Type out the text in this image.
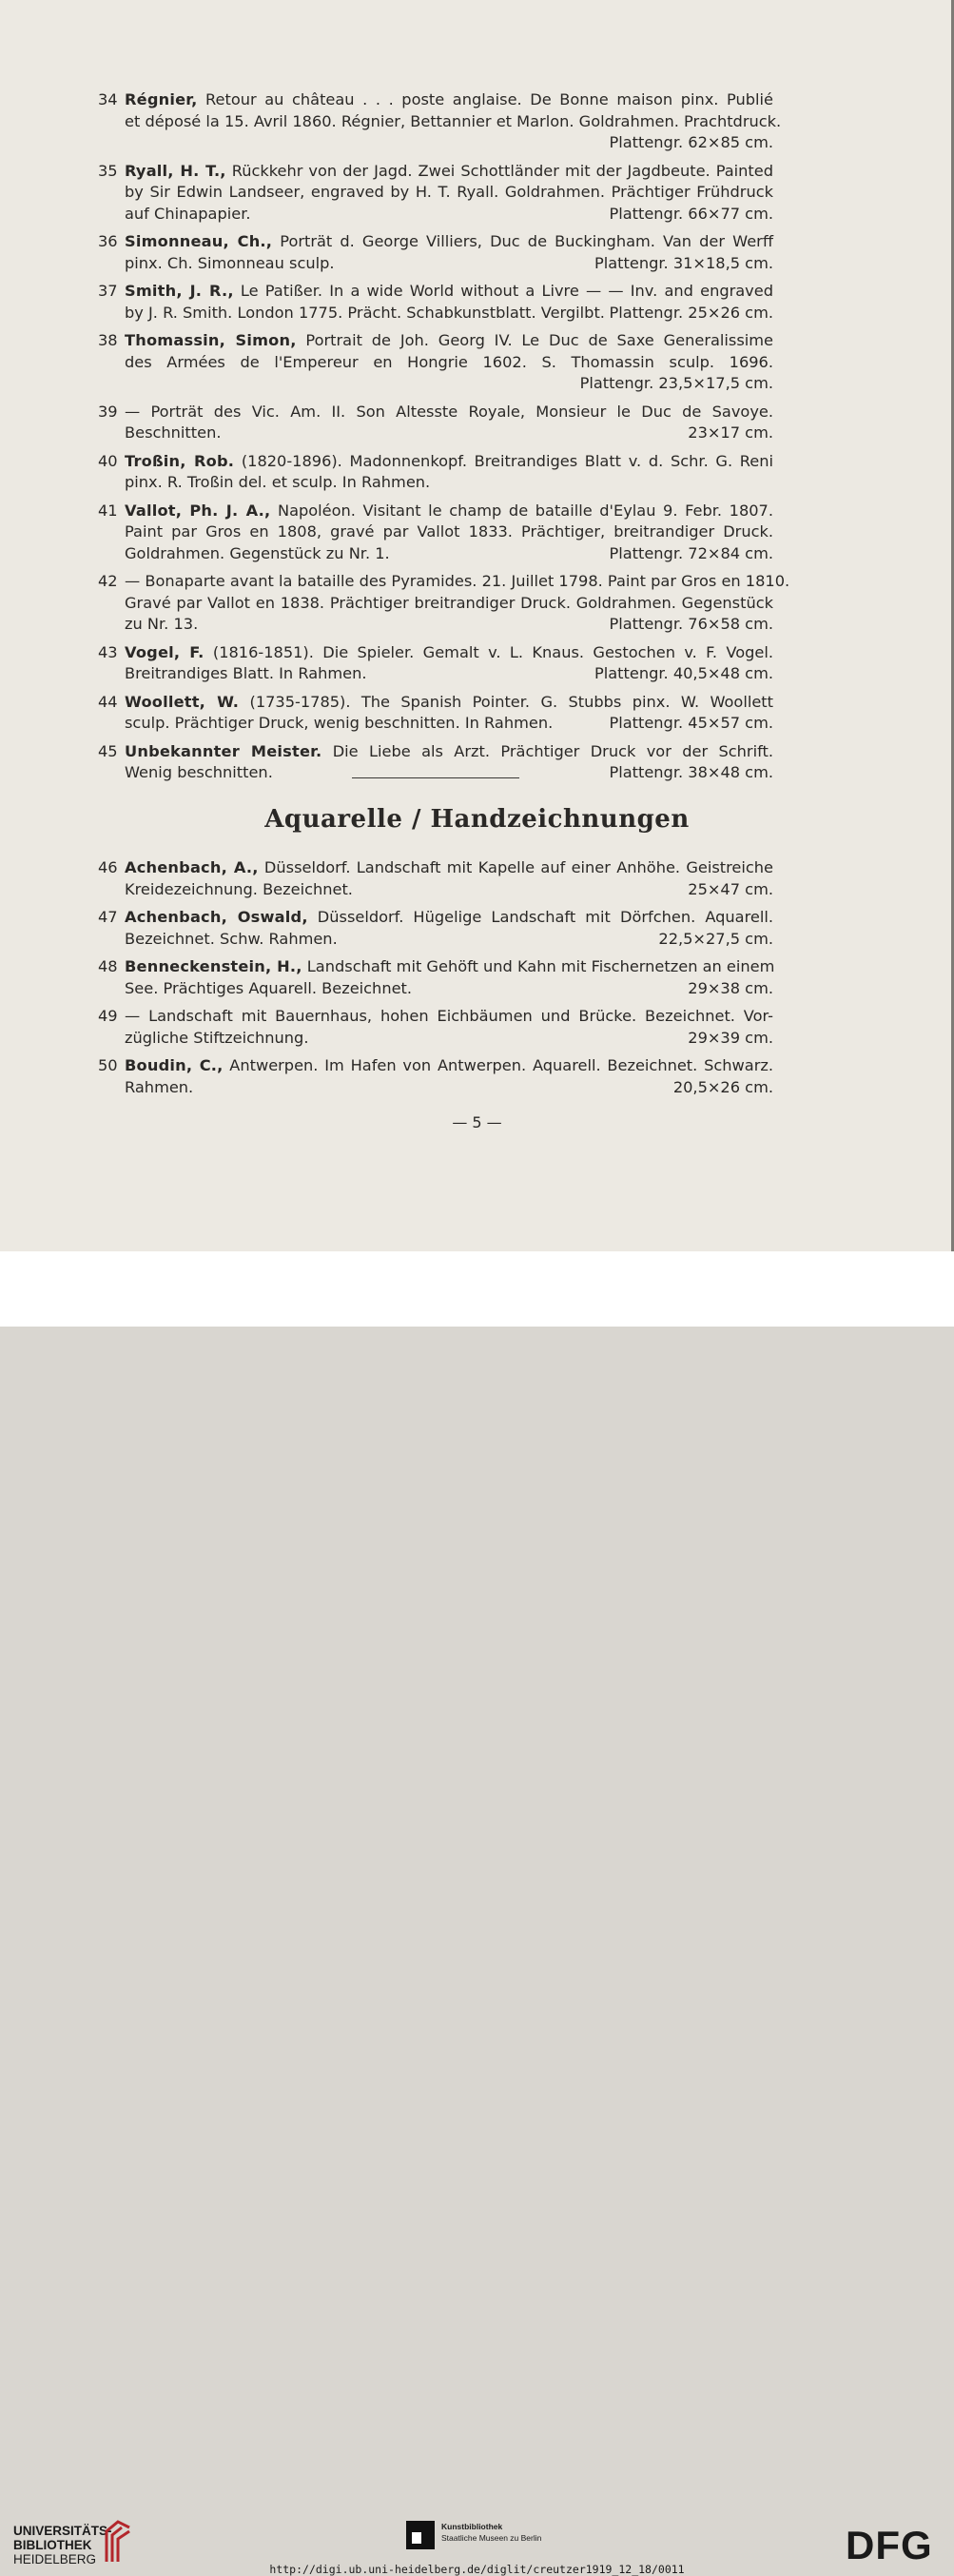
34 Régnier, Retour au château . . . poste anglaise. De Bonne maison pinx. Publié
et déposé la 15. Avril 1860. Régnier, Bettannier et Marlon. Goldrahmen. Prachtdruck.
Plattengr. 62×85 cm.
35 Ryall, H. T., Rückkehr von der Jagd. Zwei Schottländer mit der Jagdbeute. Painted
by Sir Edwin Landseer, engraved by H. T. Ryall. Goldrahmen. Prächtiger Frühdruck
auf Chinapapier.	Plattengr. 66×77 cm.
36 Simonneau, Ch., Porträt d. George Villiers, Duc de Buckingham. Van der Werff
pinx. Ch. Simonneau sculp.	Plattengr. 31×18,5 cm.
37 Smith, J. R., Le Patißer. In a wide World without a Livre — — Inv. and engraved
by J. R. Smith. London 1775. Prächt. Schabkunstblatt. Vergilbt. Plattengr. 25×26 cm.
38 Thomassin, Simon, Portrait de Joh. Georg IV. Le Duc de Saxe Generalissime
des Armées de l'Empereur en Hongrie 1602. S. Thomassin sculp. 1696.
Plattengr. 23,5×17,5 cm.
39 — Porträt des Vic. Am. II. Son Altesste Royale, Monsieur le Duc de Savoye.
Beschnitten.	23×17 cm.
40 Troßin, Rob. (1820-1896). Madonnenkopf. Breitrandiges Blatt v. d. Schr. G. Reni
pinx. R. Troßin del. et sculp. In Rahmen.
41 Vallot, Ph. J. A., Napoléon. Visitant le champ de bataille d'Eylau 9. Febr. 1807.
Paint par Gros en 1808, gravé par Vallot 1833. Prächtiger, breitrandiger Druck.
Goldrahmen. Gegenstück zu Nr. 1.	Plattengr. 72×84 cm.
42 — Bonaparte avant la bataille des Pyramides. 21. Juillet 1798. Paint par Gros en 1810.
Gravé par Vallot en 1838. Prächtiger breitrandiger Druck. Goldrahmen. Gegenstück
zu Nr. 13.	Plattengr. 76×58 cm.
43 Vogel, F. (1816-1851). Die Spieler. Gemalt v. L. Knaus. Gestochen v. F. Vogel.
Breitrandiges Blatt. In Rahmen.	Plattengr. 40,5×48 cm.
44 Woollett, W. (1735-1785). The Spanish Pointer. G. Stubbs pinx. W. Woollett
sculp. Prächtiger Druck, wenig beschnitten. In Rahmen.	Plattengr. 45×57 cm.
45 Unbekannter Meister. Die Liebe als Arzt. Prächtiger Druck vor der Schrift.
Wenig beschnitten.	Plattengr. 38×48 cm.
Aquarelle / Handzeichnungen
46 Achenbach, A., Düsseldorf. Landschaft mit Kapelle auf einer Anhöhe. Geistreiche
Kreidezeichnung. Bezeichnet.	25×47 cm.
47 Achenbach, Oswald, Düsseldorf. Hügelige Landschaft mit Dörfchen. Aquarell.
Bezeichnet. Schw. Rahmen.	22,5×27,5 cm.
48 Benneckenstein, H., Landschaft mit Gehöft und Kahn mit Fischernetzen an einem
See. Prächtiges Aquarell. Bezeichnet.	29×38 cm.
49 — Landschaft mit Bauernhaus, hohen Eichbäumen und Brücke. Bezeichnet. Vor-
zügliche Stiftzeichnung.	29×39 cm.
50 Boudin, C., Antwerpen. Im Hafen von Antwerpen. Aquarell. Bezeichnet. Schwarz.
Rahmen.	20,5×26 cm.
— 5 —
UNIVERSITÄTS-
BIBLIOTHEK
HEIDELBERG
Kunstbibliothek
Staatliche Museen zu Berlin	DFG
http://digi.ub.uni-heidelberg.de/diglit/creutzer1919_12_18/0011
